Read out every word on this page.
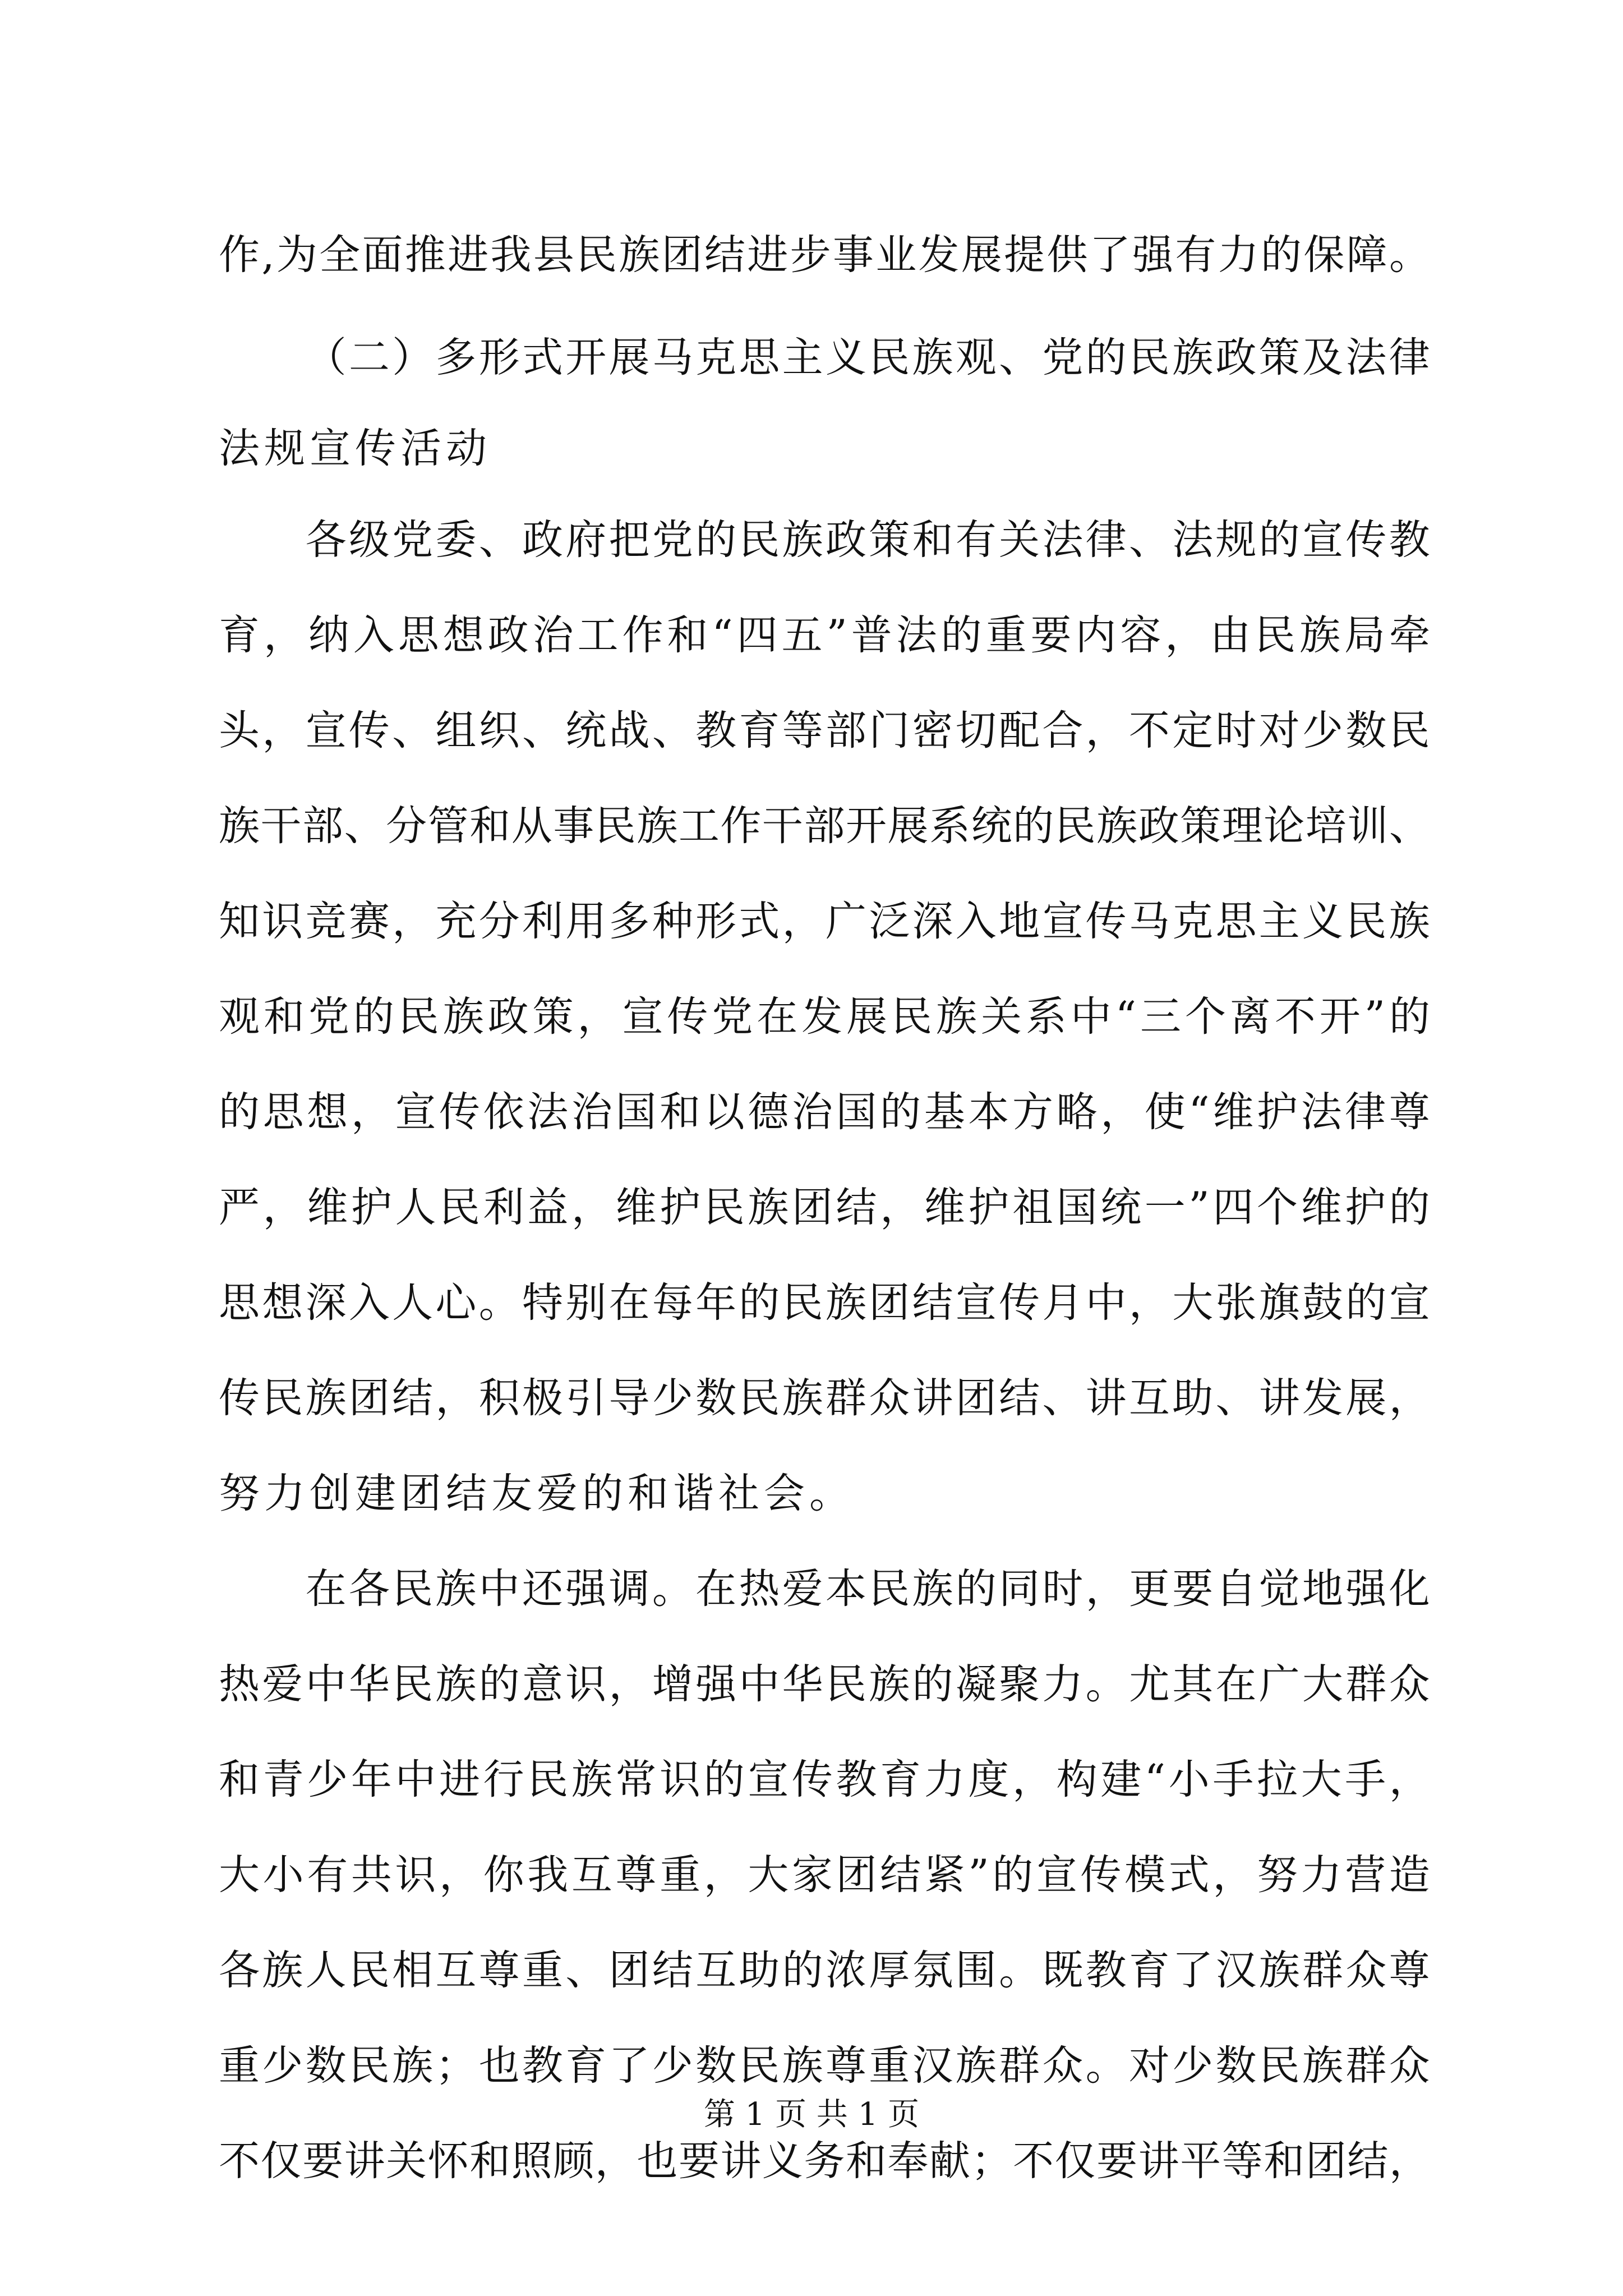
作 , 为 全 面 推 进 我 县 民 族 团 结 进 步 事 业 发 展 提 供 了 强 有 力 的 保 障 。

（ 二 ） 多 形 式 开 展 马 克 思 主 义 民 族 观 、 党 的 民 族 政 策 及 法 律
法规宣传活动

各 级 党 委 、 政 府 把 党 的 民 族 政 策 和 有 关 法 律 、 法 规 的 宣 传 教
育 ， 纳 入 思 想 政 治 工 作 和 “ 四 五 ” 普 法 的 重 要 内 容 ， 由 民 族 局 牵
头 ， 宣 传 、 组 织 、 统 战 、 教 育 等 部 门 密 切 配 合 ， 不 定 时 对 少 数 民
族 干 部 、 分 管 和 从 事 民 族 工 作 干 部 开 展 系 统 的 民 族 政 策 理 论 培 训 、
知 识 竞 赛 ， 充 分 利 用 多 种 形 式 ， 广 泛 深 入 地 宣 传 马 克 思 主 义 民 族
观 和 党 的 民 族 政 策 ， 宣 传 党 在 发 展 民 族 关 系 中 “ 三 个 离 不 开 ” 的
的 思 想 ， 宣 传 依 法 治 国 和 以 德 治 国 的 基 本 方 略 ， 使 “ 维 护 法 律 尊
严 ， 维 护 人 民 利 益 ， 维 护 民 族 团 结 ， 维 护 祖 国 统 一 ” 四 个 维 护 的
思 想 深 入 人 心 。 特 别 在 每 年 的 民 族 团 结 宣 传 月 中 ， 大 张 旗 鼓 的 宣
传 民 族 团 结 ， 积 极 引 导 少 数 民 族 群 众 讲 团 结 、 讲 互 助 、 讲 发 展 ，
努力创建团结友爱的和谐社会。

在 各 民 族 中 还 强 调 。 在 热 爱 本 民 族 的 同 时 ， 更 要 自 觉 地 强 化
热 爱 中 华 民 族 的 意 识 ， 增 强 中 华 民 族 的 凝 聚 力 。 尤 其 在 广 大 群 众
和 青 少 年 中 进 行 民 族 常 识 的 宣 传 教 育 力 度 ， 构 建 “ 小 手 拉 大 手 ，
大 小 有 共 识 ， 你 我 互 尊 重 ， 大 家 团 结 紧 ” 的 宣 传 模 式 ， 努 力 营 造
各 族 人 民 相 互 尊 重 、 团 结 互 助 的 浓 厚 氛 围 。 既 教 育 了 汉 族 群 众 尊
重 少 数 民 族 ； 也 教 育 了 少 数 民 族 尊 重 汉 族 群 众 。 对 少 数 民 族 群 众
不 仅 要 讲 关 怀 和 照 顾 ， 也 要 讲 义 务 和 奉 献 ； 不 仅 要 讲 平 等 和 团 结 ，
第 1 页 共 1 页
